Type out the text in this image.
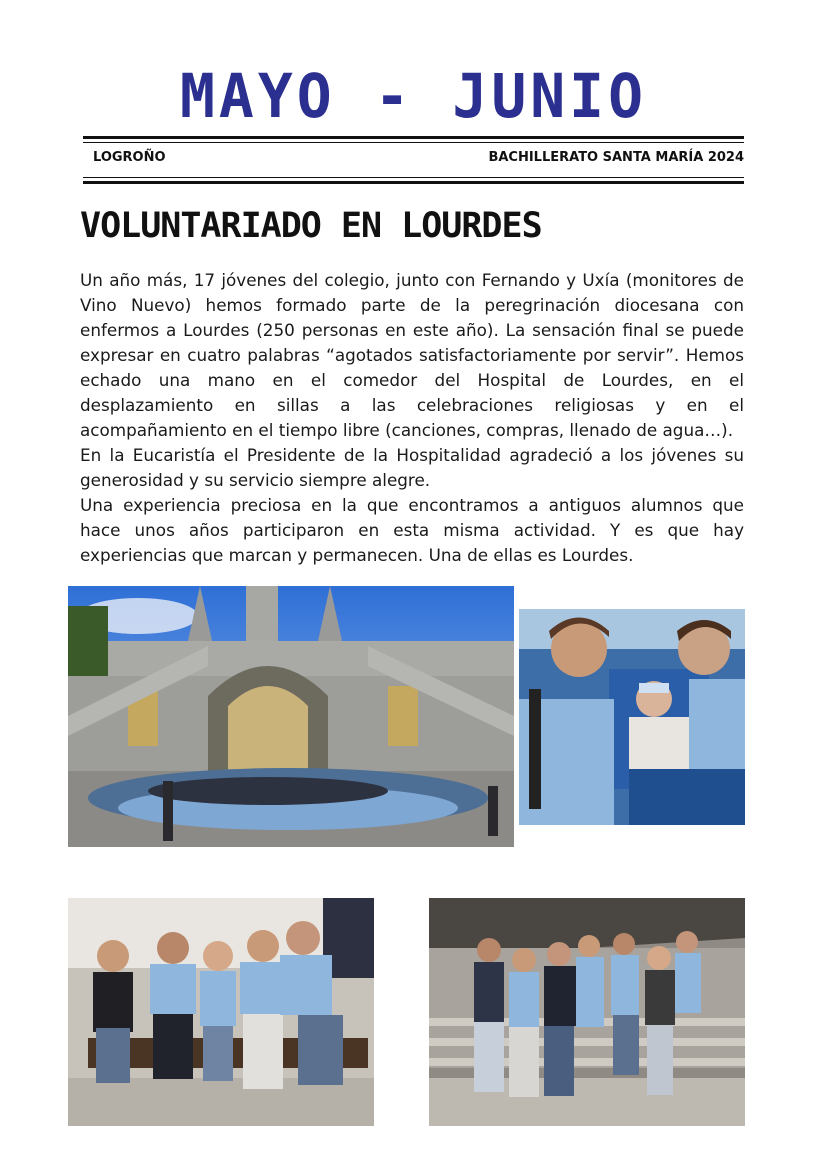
MAYO - JUNIO
LOGROÑO	BACHILLERATO SANTA MARÍA 2024
VOLUNTARIADO EN LOURDES

Un año más, 17 jóvenes del colegio, junto con Fernando y Uxía (monitores de Vino Nuevo) hemos formado parte de la peregrinación diocesana con enfermos a Lourdes (250 personas en este año). La sensación final se puede expresar en cuatro palabras “agotados satisfactoriamente por servir”. Hemos echado una mano en el comedor del Hospital de Lourdes, en el desplazamiento en sillas a las celebraciones religiosas y en el acompañamiento en el tiempo libre (canciones, compras, llenado de agua…).

En la Eucaristía el Presidente de la Hospitalidad agradeció a los jóvenes su generosidad y su servicio siempre alegre.

Una experiencia preciosa en la que encontramos a antiguos alumnos que hace unos años participaron en esta misma actividad. Y es que hay experiencias que marcan y permanecen. Una de ellas es Lourdes.
